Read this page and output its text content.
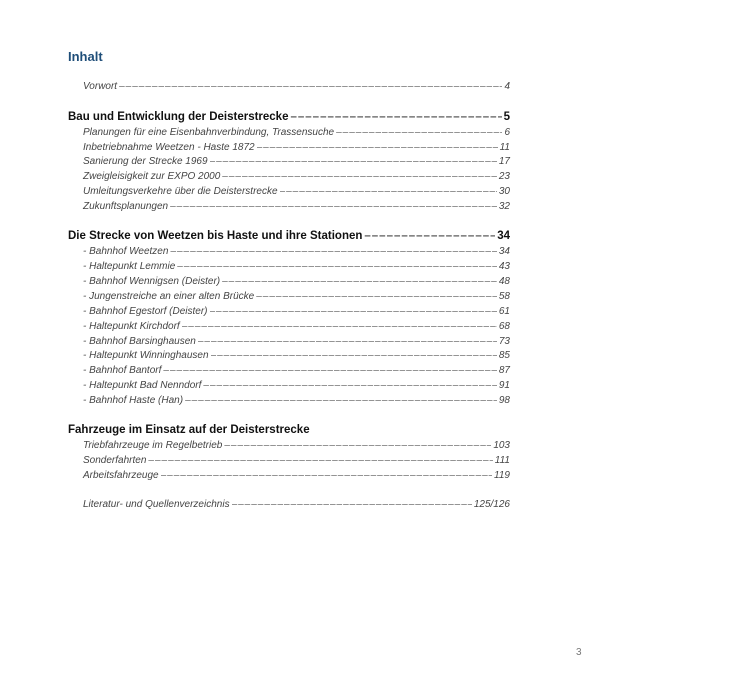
Inhalt
Vorwort –––––	4
Bau und Entwicklung der Deisterstrecke –––––	5
Planungen für eine Eisenbahnverbindung, Trassensuche –––––	6
Inbetriebnahme Weetzen - Haste 1872 –––––	11
Sanierung der Strecke 1969 –––––	17
Zweigleisigkeit zur EXPO 2000 –––––	23
Umleitungsverkehre über die Deisterstrecke –––––	30
Zukunftsplanungen –––––	32
Die Strecke von Weetzen bis Haste und ihre Stationen –––––	34
- Bahnhof Weetzen –––––	34
- Haltepunkt Lemmie –––––	43
- Bahnhof Wennigsen (Deister) –––––	48
- Jungenstreiche an einer alten Brücke –––––	58
- Bahnhof Egestorf (Deister) –––––	61
- Haltepunkt Kirchdorf –––––	68
- Bahnhof Barsinghausen –––––	73
- Haltepunkt Winninghausen –––––	85
- Bahnhof Bantorf –––––	87
- Haltepunkt Bad Nenndorf –––––	91
- Bahnhof Haste (Han) –––––	98
Fahrzeuge im Einsatz auf der Deisterstrecke
Triebfahrzeuge im Regelbetrieb –––––	103
Sonderfahrten –––––	111
Arbeitsfahrzeuge –––––	119
Literatur- und Quellenverzeichnis –––––	125/126
3
